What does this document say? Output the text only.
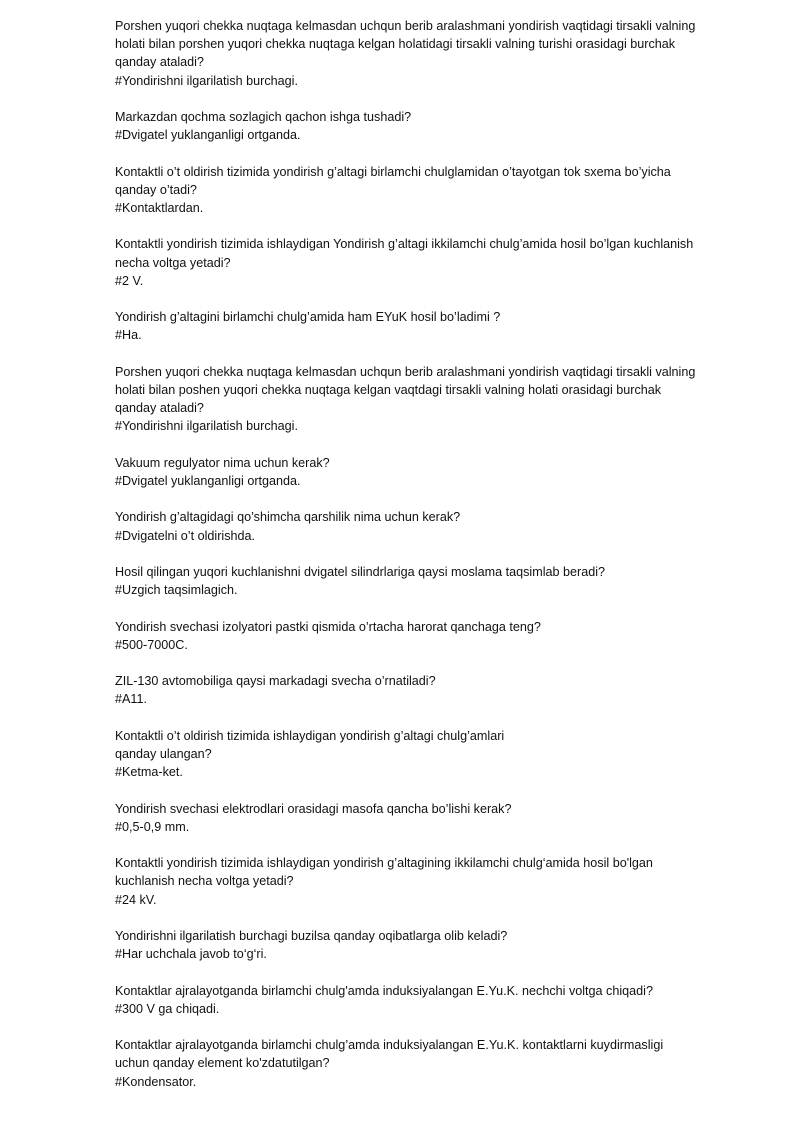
Porshen yuqori chekka nuqtaga kelmasdan uchqun berib aralashmani yondirish vaqtidagi tirsakli valning
holati bilan porshen yuqori chekka nuqtaga kelgan holatidagi tirsakli valning turishi orasidagi burchak
qanday ataladi?

#Yondirishni ilgarilatish burchagi.

Markazdan qochma sozlagich qachon ishga tushadi?

#Dvigatel yuklanganligi ortganda.

Kontaktli o’t oldirish tizimida yondirish g’altagi birlamchi chulglamidan o’tayotgan tok sxema bo’yicha
qanday o’tadi?

#Kontaktlardan.

Kontaktli yondirish tizimida ishlaydigan Yondirish g’altagi ikkilamchi chulg’amida hosil bo’lgan kuchlanish
necha voltga yetadi?

#2 V.

Yondirish g’altagini birlamchi chulg’amida ham EYuK hosil bo’ladimi ?

#Ha.

Porshen yuqori chekka nuqtaga kelmasdan uchqun berib aralashmani yondirish vaqtidagi tirsakli valning
holati bilan poshen yuqori chekka nuqtaga kelgan vaqtdagi tirsakli valning holati orasidagi burchak
qanday ataladi?

#Yondirishni ilgarilatish burchagi.

Vakuum regulyator nima uchun kerak?

#Dvigatel yuklanganligi ortganda.

Yondirish g’altagidagi qo’shimcha qarshilik nima uchun kerak?

#Dvigatelni o’t oldirishda.

Hosil qilingan yuqori kuchlanishni dvigatel silindrlariga qaysi moslama taqsimlab beradi?

#Uzgich taqsimlagich.

Yondirish svechasi izolyatori pastki qismida o’rtacha harorat qanchaga teng?

#500-7000C.

ZIL-130 avtomobiliga qaysi markadagi svecha o’rnatiladi?

#A11.

Kontaktli o’t oldirish tizimida ishlaydigan yondirish g’altagi chulg’amlari
qanday ulangan?

#Ketma-ket.

Yondirish svechasi elektrodlari orasidagi masofa qancha bo’lishi kerak?

#0,5-0,9 mm.

Kontaktli yondirish tizimida ishlaydigan yondirish g’altagining ikkilamchi chulg‘amida hosil bo'lgan
kuchlanish necha voltga yetadi?

#24 kV.

Yondirishni ilgarilatish burchagi buzilsa qanday oqibatlarga olib keladi?

#Har uchchala javob to‘g‘ri.

Kontaktlar ajralayotganda birlamchi chulg'amda induksiyalangan E.Yu.K. nechchi voltga chiqadi?

#300 V ga chiqadi.

Kontaktlar ajralayotganda birlamchi chulg’amda induksiyalangan E.Yu.K. kontaktlarni kuydirmasligi
uchun qanday element ko'zdatutilgan?

#Kondensator.
